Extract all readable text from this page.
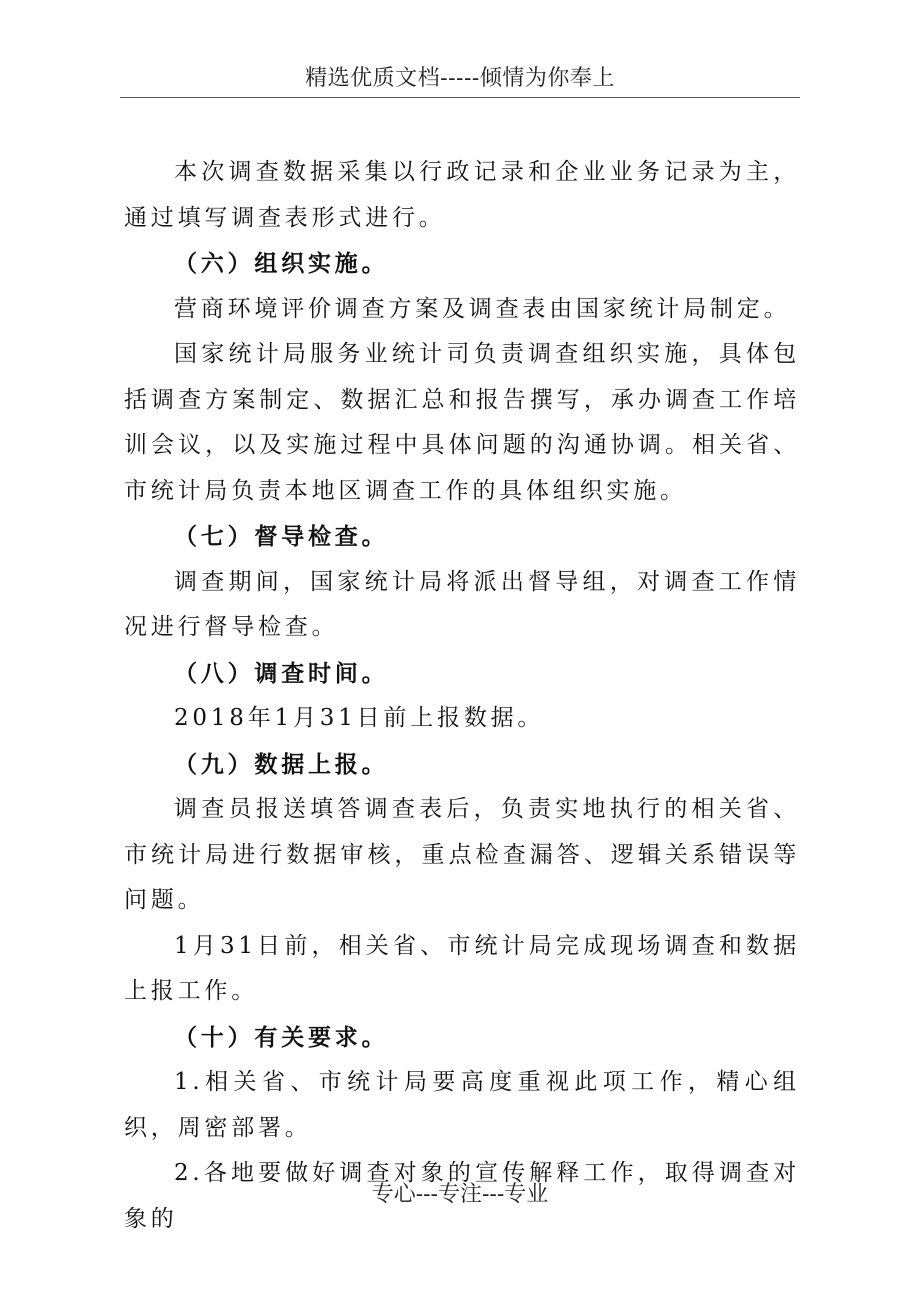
精选优质文档-----倾情为你奉上

本次调查数据采集以行政记录和企业业务记录为主，通过填写调查表形式进行。

（六）组织实施。

营商环境评价调查方案及调查表由国家统计局制定。

国家统计局服务业统计司负责调查组织实施，具体包括调查方案制定、数据汇总和报告撰写，承办调查工作培训会议，以及实施过程中具体问题的沟通协调。相关省、市统计局负责本地区调查工作的具体组织实施。

（七）督导检查。

调查期间，国家统计局将派出督导组，对调查工作情况进行督导检查。

（八）调查时间。

2018年1月31日前上报数据。

（九）数据上报。

调查员报送填答调查表后，负责实地执行的相关省、市统计局进行数据审核，重点检查漏答、逻辑关系错误等问题。

1月31日前，相关省、市统计局完成现场调查和数据上报工作。

（十）有关要求。

1.相关省、市统计局要高度重视此项工作，精心组织，周密部署。

2.各地要做好调查对象的宣传解释工作，取得调查对象的

专心---专注---专业
